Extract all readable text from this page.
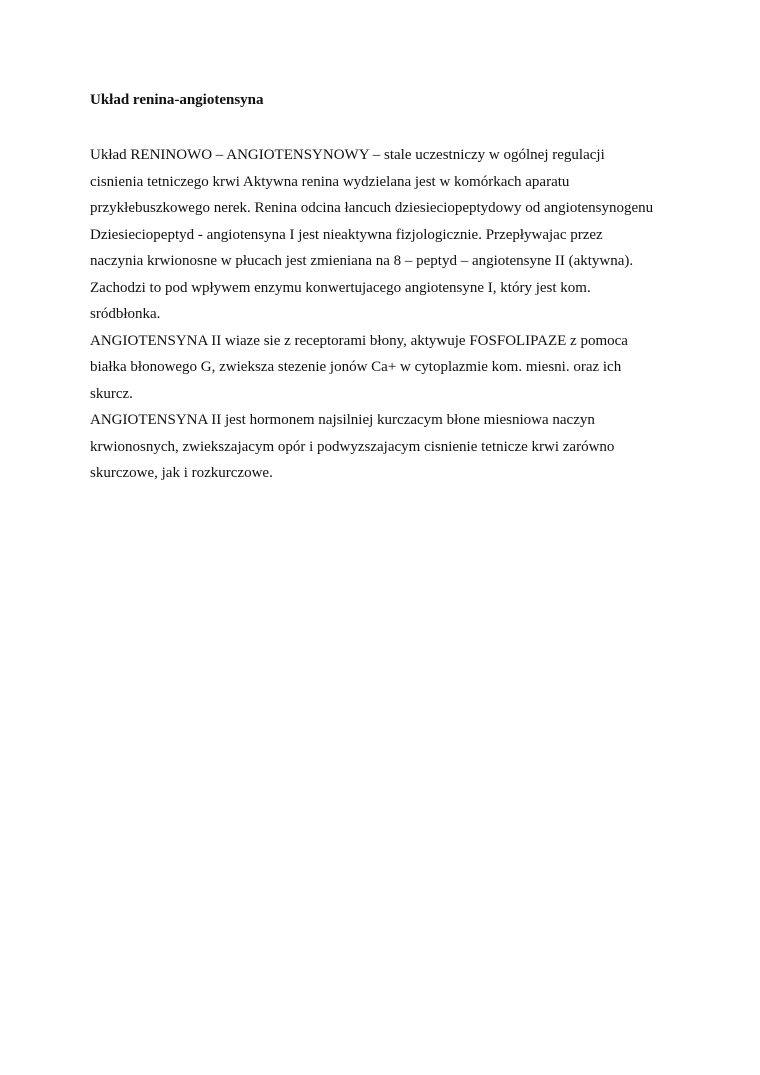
Układ renina-angiotensyna
Układ RENINOWO – ANGIOTENSYNOWY – stale uczestniczy w ogólnej regulacji
cisnienia tetniczego krwi Aktywna renina wydzielana jest w komórkach aparatu
przykłebuszkowego nerek. Renina odcina łancuch dziesieciopeptydowy od angiotensynogenu
Dziesieciopeptyd - angiotensyna I jest nieaktywna fizjologicznie. Przepływajac przez
naczynia krwionosne w płucach jest zmieniana na 8 – peptyd – angiotensyne II (aktywna).
Zachodzi to pod wpływem enzymu konwertujacego angiotensyne I, który jest kom.
sródbłonka.
ANGIOTENSYNA II wiaze sie z receptorami błony, aktywuje FOSFOLIPAZE z pomoca
białka błonowego G, zwieksza stezenie jonów Ca+ w cytoplazmie kom. miesni. oraz ich
skurcz.
ANGIOTENSYNA II jest hormonem najsilniej kurczacym błone miesniowa naczyn
krwionosnych, zwiekszajacym opór i podwyzszajacym cisnienie tetnicze krwi zarówno
skurczowe, jak i rozkurczowe.
